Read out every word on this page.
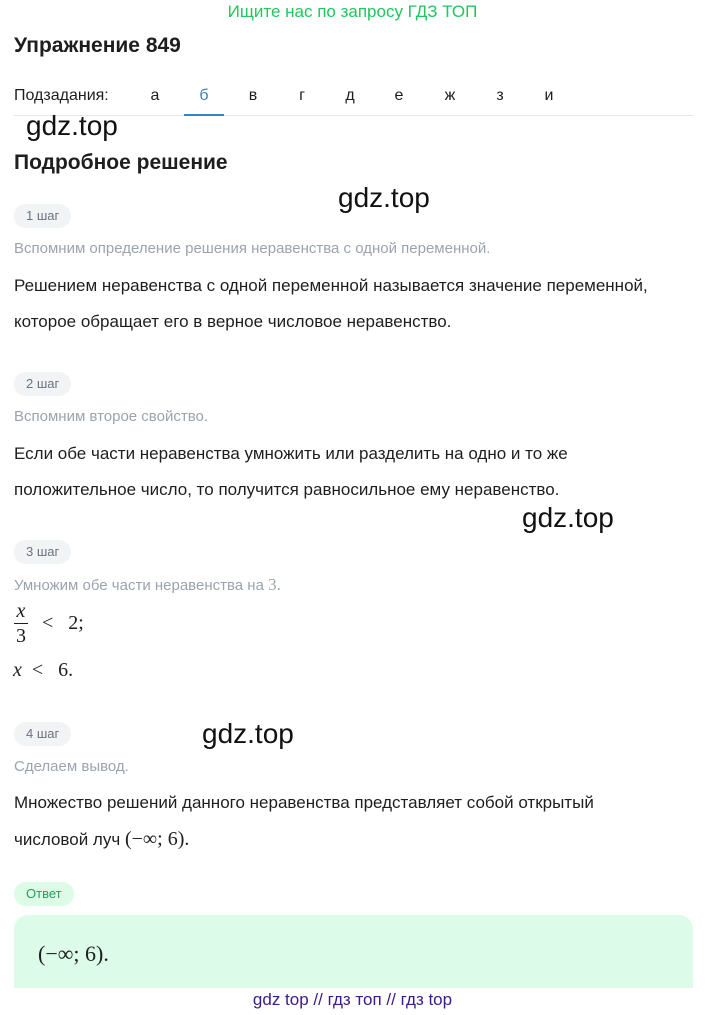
Ищите нас по запросу ГДЗ ТОП
Упражнение 849
Подзадания:	а	б	в	г	д	е	ж	з	и
gdz.top
Подробное решение
gdz.top
1 шаг
Вспомним определение решения неравенства с одной переменной.
Решением неравенства с одной переменной называется значение переменной, которое обращает его в верное числовое неравенство.
2 шаг
Вспомним второе свойство.
Если обе части неравенства умножить или разделить на одно и то же положительное число, то получится равносильное ему неравенство.
gdz.top
3 шаг
Умножим обе части неравенства на 3.
x
3
<   2;
x  <   6.
gdz.top
4 шаг
Сделаем вывод.
Множество решений данного неравенства представляет собой открытый
числовой луч (−∞; 6).
Ответ
(−∞; 6).
gdz top // гдз топ // гдз top
